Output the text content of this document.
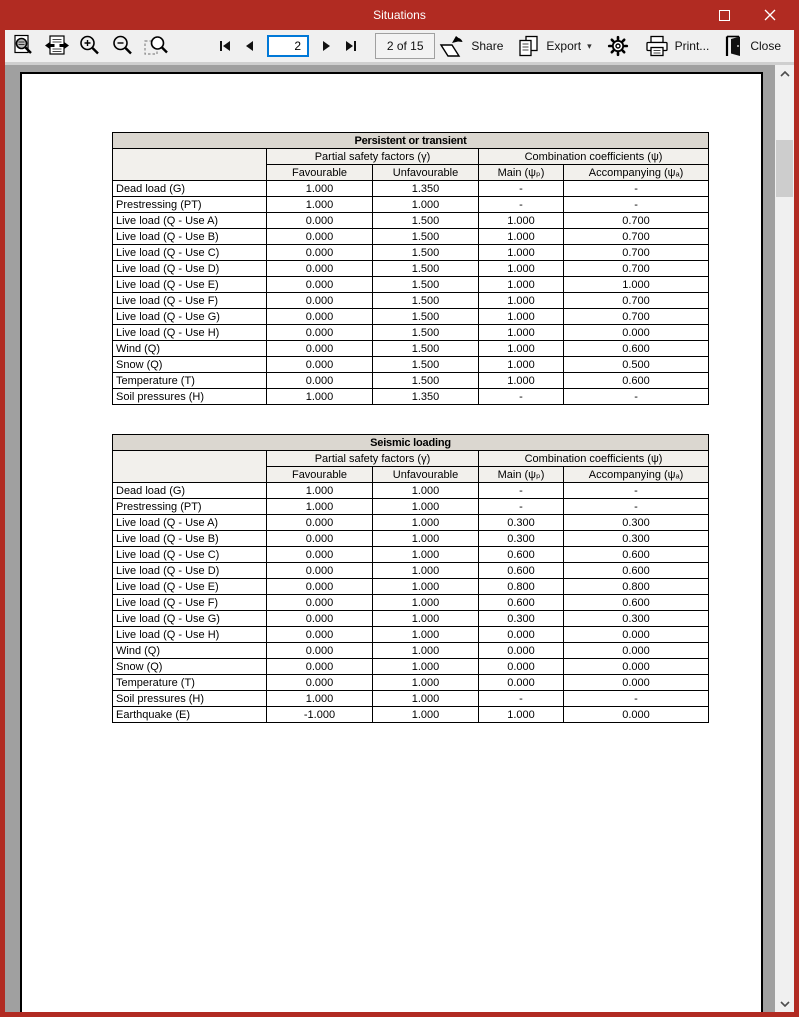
Situations
2
2 of 15	Share	Export ▾	Print...	Close
Persistent or transient				
	Partial safety factors (γ)		Combination coefficients (ψ)	
	Favourable	Unfavourable	Main (ψₚ)	Accompanying (ψₐ)
Dead load (G)	1.000	1.350	-	-
Prestressing (PT)	1.000	1.000	-	-
Live load (Q - Use A)	0.000	1.500	1.000	0.700
Live load (Q - Use B)	0.000	1.500	1.000	0.700
Live load (Q - Use C)	0.000	1.500	1.000	0.700
Live load (Q - Use D)	0.000	1.500	1.000	0.700
Live load (Q - Use E)	0.000	1.500	1.000	1.000
Live load (Q - Use F)	0.000	1.500	1.000	0.700
Live load (Q - Use G)	0.000	1.500	1.000	0.700
Live load (Q - Use H)	0.000	1.500	1.000	0.000
Wind (Q)	0.000	1.500	1.000	0.600
Snow (Q)	0.000	1.500	1.000	0.500
Temperature (T)	0.000	1.500	1.000	0.600
Soil pressures (H)	1.000	1.350	-	-
Seismic loading				
	Partial safety factors (γ)		Combination coefficients (ψ)	
	Favourable	Unfavourable	Main (ψₚ)	Accompanying (ψₐ)
Dead load (G)	1.000	1.000	-	-
Prestressing (PT)	1.000	1.000	-	-
Live load (Q - Use A)	0.000	1.000	0.300	0.300
Live load (Q - Use B)	0.000	1.000	0.300	0.300
Live load (Q - Use C)	0.000	1.000	0.600	0.600
Live load (Q - Use D)	0.000	1.000	0.600	0.600
Live load (Q - Use E)	0.000	1.000	0.800	0.800
Live load (Q - Use F)	0.000	1.000	0.600	0.600
Live load (Q - Use G)	0.000	1.000	0.300	0.300
Live load (Q - Use H)	0.000	1.000	0.000	0.000
Wind (Q)	0.000	1.000	0.000	0.000
Snow (Q)	0.000	1.000	0.000	0.000
Temperature (T)	0.000	1.000	0.000	0.000
Soil pressures (H)	1.000	1.000	-	-
Earthquake (E)	-1.000	1.000	1.000	0.000
